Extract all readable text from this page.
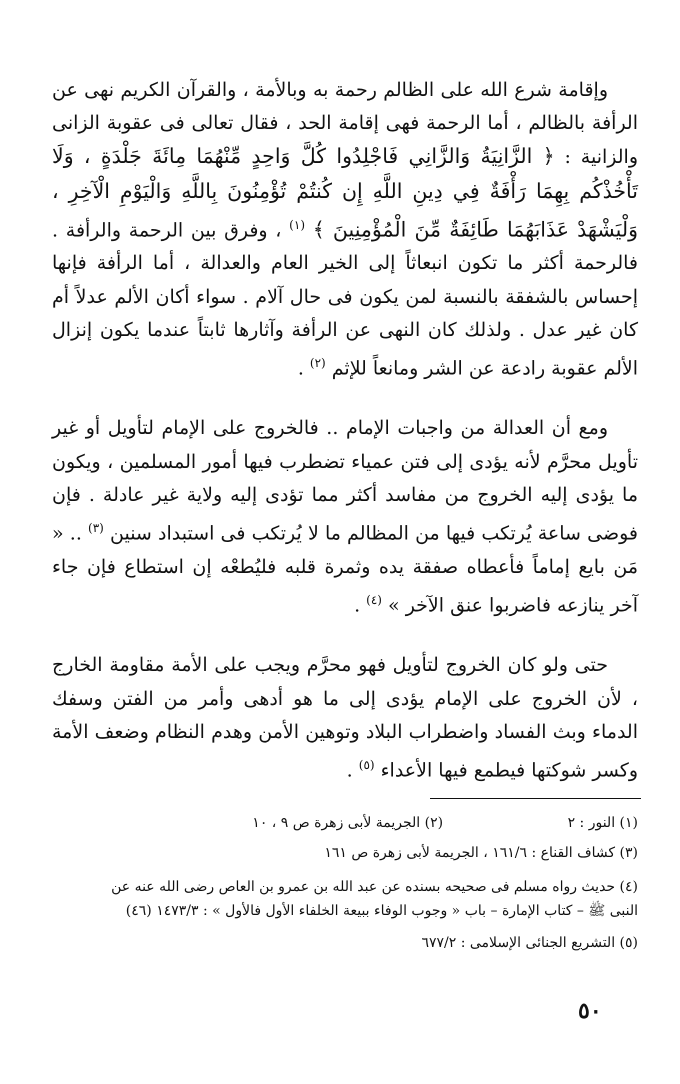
وإقامة شرع الله على الظالم رحمة به وبالأمة ، والقرآن الكريم نهى عن الرأفة بالظالم ، أما الرحمة فهى إقامة الحد ، فقال تعالى فى عقوبة الزانى والزانية : ﴿ الزَّانِيَةُ وَالزَّانِي فَاجْلِدُوا كُلَّ وَاحِدٍ مِّنْهُمَا مِائَةَ جَلْدَةٍ ، وَلَا تَأْخُذْكُم بِهِمَا رَأْفَةٌ فِي دِينِ اللَّهِ إِن كُنتُمْ تُؤْمِنُونَ بِاللَّهِ وَالْيَوْمِ الْآخِرِ ، وَلْيَشْهَدْ عَذَابَهُمَا طَائِفَةٌ مِّنَ الْمُؤْمِنِينَ ﴾ $^{(١)}$ ، وفرق بين الرحمة والرأفة . فالرحمة أكثر ما تكون انبعاثاً إلى الخير العام والعدالة ، أما الرأفة فإنها إحساس بالشفقة بالنسبة لمن يكون فى حال آلام . سواء أكان الألم عدلاً أم كان غير عدل . ولذلك كان النهى عن الرأفة وآثارها ثابتاً عندما يكون إنزال الألم عقوبة رادعة عن الشر ومانعاً للإثم $^{(٢)}$ .

ومع أن العدالة من واجبات الإمام .. فالخروج على الإمام لتأويل أو غير تأويل محرَّم لأنه يؤدى إلى فتن عمياء تضطرب فيها أمور المسلمين ، ويكون ما يؤدى إليه الخروج من مفاسد أكثر مما تؤدى إليه ولاية غير عادلة . فإن فوضى ساعة يُرتكب فيها من المظالم ما لا يُرتكب فى استبداد سنين $^{(٣)}$ .. « مَن بايع إماماً فأعطاه صفقة يده وثمرة قلبه فليُطعْه إن استطاع فإن جاء آخر ينازعه فاضربوا عنق الآخر » $^{(٤)}$ .

حتى ولو كان الخروج لتأويل فهو محرَّم ويجب على الأمة مقاومة الخارج ، لأن الخروج على الإمام يؤدى إلى ما هو أدهى وأمر من الفتن وسفك الدماء وبث الفساد واضطراب البلاد وتوهين الأمن وهدم النظام وضعف الأمة وكسر شوكتها فيطمع فيها الأعداء $^{(٥)}$ .

(١) النور : ٢ (٢) الجريمة لأبى زهرة ص ٩ ، ١٠
(٣) كشاف القناع : ١٦١/٦ ، الجريمة لأبى زهرة ص ١٦١
(٤) حديث رواه مسلم فى صحيحه بسنده عن عبد الله بن عمرو بن العاص رضى الله عنه عن
النبى ﷺ – كتاب الإمارة – باب « وجوب الوفاء ببيعة الخلفاء الأول فالأول » : ١٤٧٣/٣ (٤٦)
(٥) التشريع الجنائى الإسلامى : ٦٧٧/٢
٥٠
